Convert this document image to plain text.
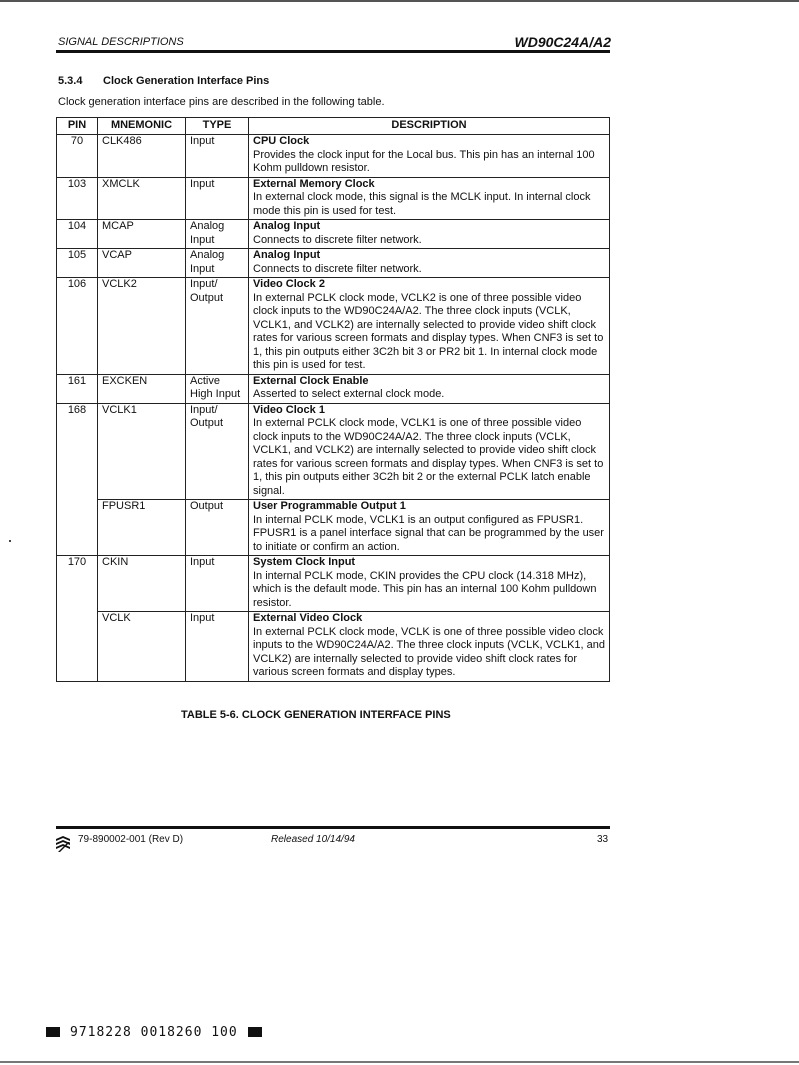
SIGNAL DESCRIPTIONS	WD90C24A/A2
5.3.4 Clock Generation Interface Pins
Clock generation interface pins are described in the following table.
PIN	MNEMONIC	TYPE	DESCRIPTION
70	CLK486	Input	CPU Clock
Provides the clock input for the Local bus. This pin has an internal 100 Kohm pulldown resistor.

103	XMCLK	Input	External Memory Clock
In external clock mode, this signal is the MCLK input. In internal clock mode this pin is used for test.

104	MCAP	Analog Input	Analog Input
Connects to discrete filter network.

105	VCAP	Analog Input	Analog Input
Connects to discrete filter network.

106	VCLK2	Input/ Output	Video Clock 2
In external PCLK clock mode, VCLK2 is one of three possible video clock inputs to the WD90C24A/A2. The three clock inputs (VCLK, VCLK1, and VCLK2) are internally selected to provide video shift clock rates for various screen formats and display types. When CNF3 is set to 1, this pin outputs either 3C2h bit 3 or PR2 bit 1. In internal clock mode this pin is used for test.

161	EXCKEN	Active High Input	External Clock Enable
Asserted to select external clock mode.

168	VCLK1	Input/ Output	Video Clock 1
In external PCLK clock mode, VCLK1 is one of three possible video clock inputs to the WD90C24A/A2. The three clock inputs (VCLK, VCLK1, and VCLK2) are internally selected to provide video shift clock rates for various screen formats and display types. When CNF3 is set to 1, this pin outputs either 3C2h bit 2 or the external PCLK latch enable signal.

	FPUSR1	Output	User Programmable Output 1
In internal PCLK mode, VCLK1 is an output configured as FPUSR1. FPUSR1 is a panel interface signal that can be programmed by the user to initiate or confirm an action.

170	CKIN	Input	System Clock Input
In internal PCLK mode, CKIN provides the CPU clock (14.318 MHz), which is the default mode. This pin has an internal 100 Kohm pulldown resistor.

	VCLK	Input	External Video Clock
In external PCLK clock mode, VCLK is one of three possible video clock inputs to the WD90C24A/A2. The three clock inputs (VCLK, VCLK1, and VCLK2) are internally selected to provide video shift clock rates for various screen formats and display types.
TABLE 5-6. CLOCK GENERATION INTERFACE PINS
79-890002-001 (Rev D)	Released 10/14/94	33
9718228 0018260 100
